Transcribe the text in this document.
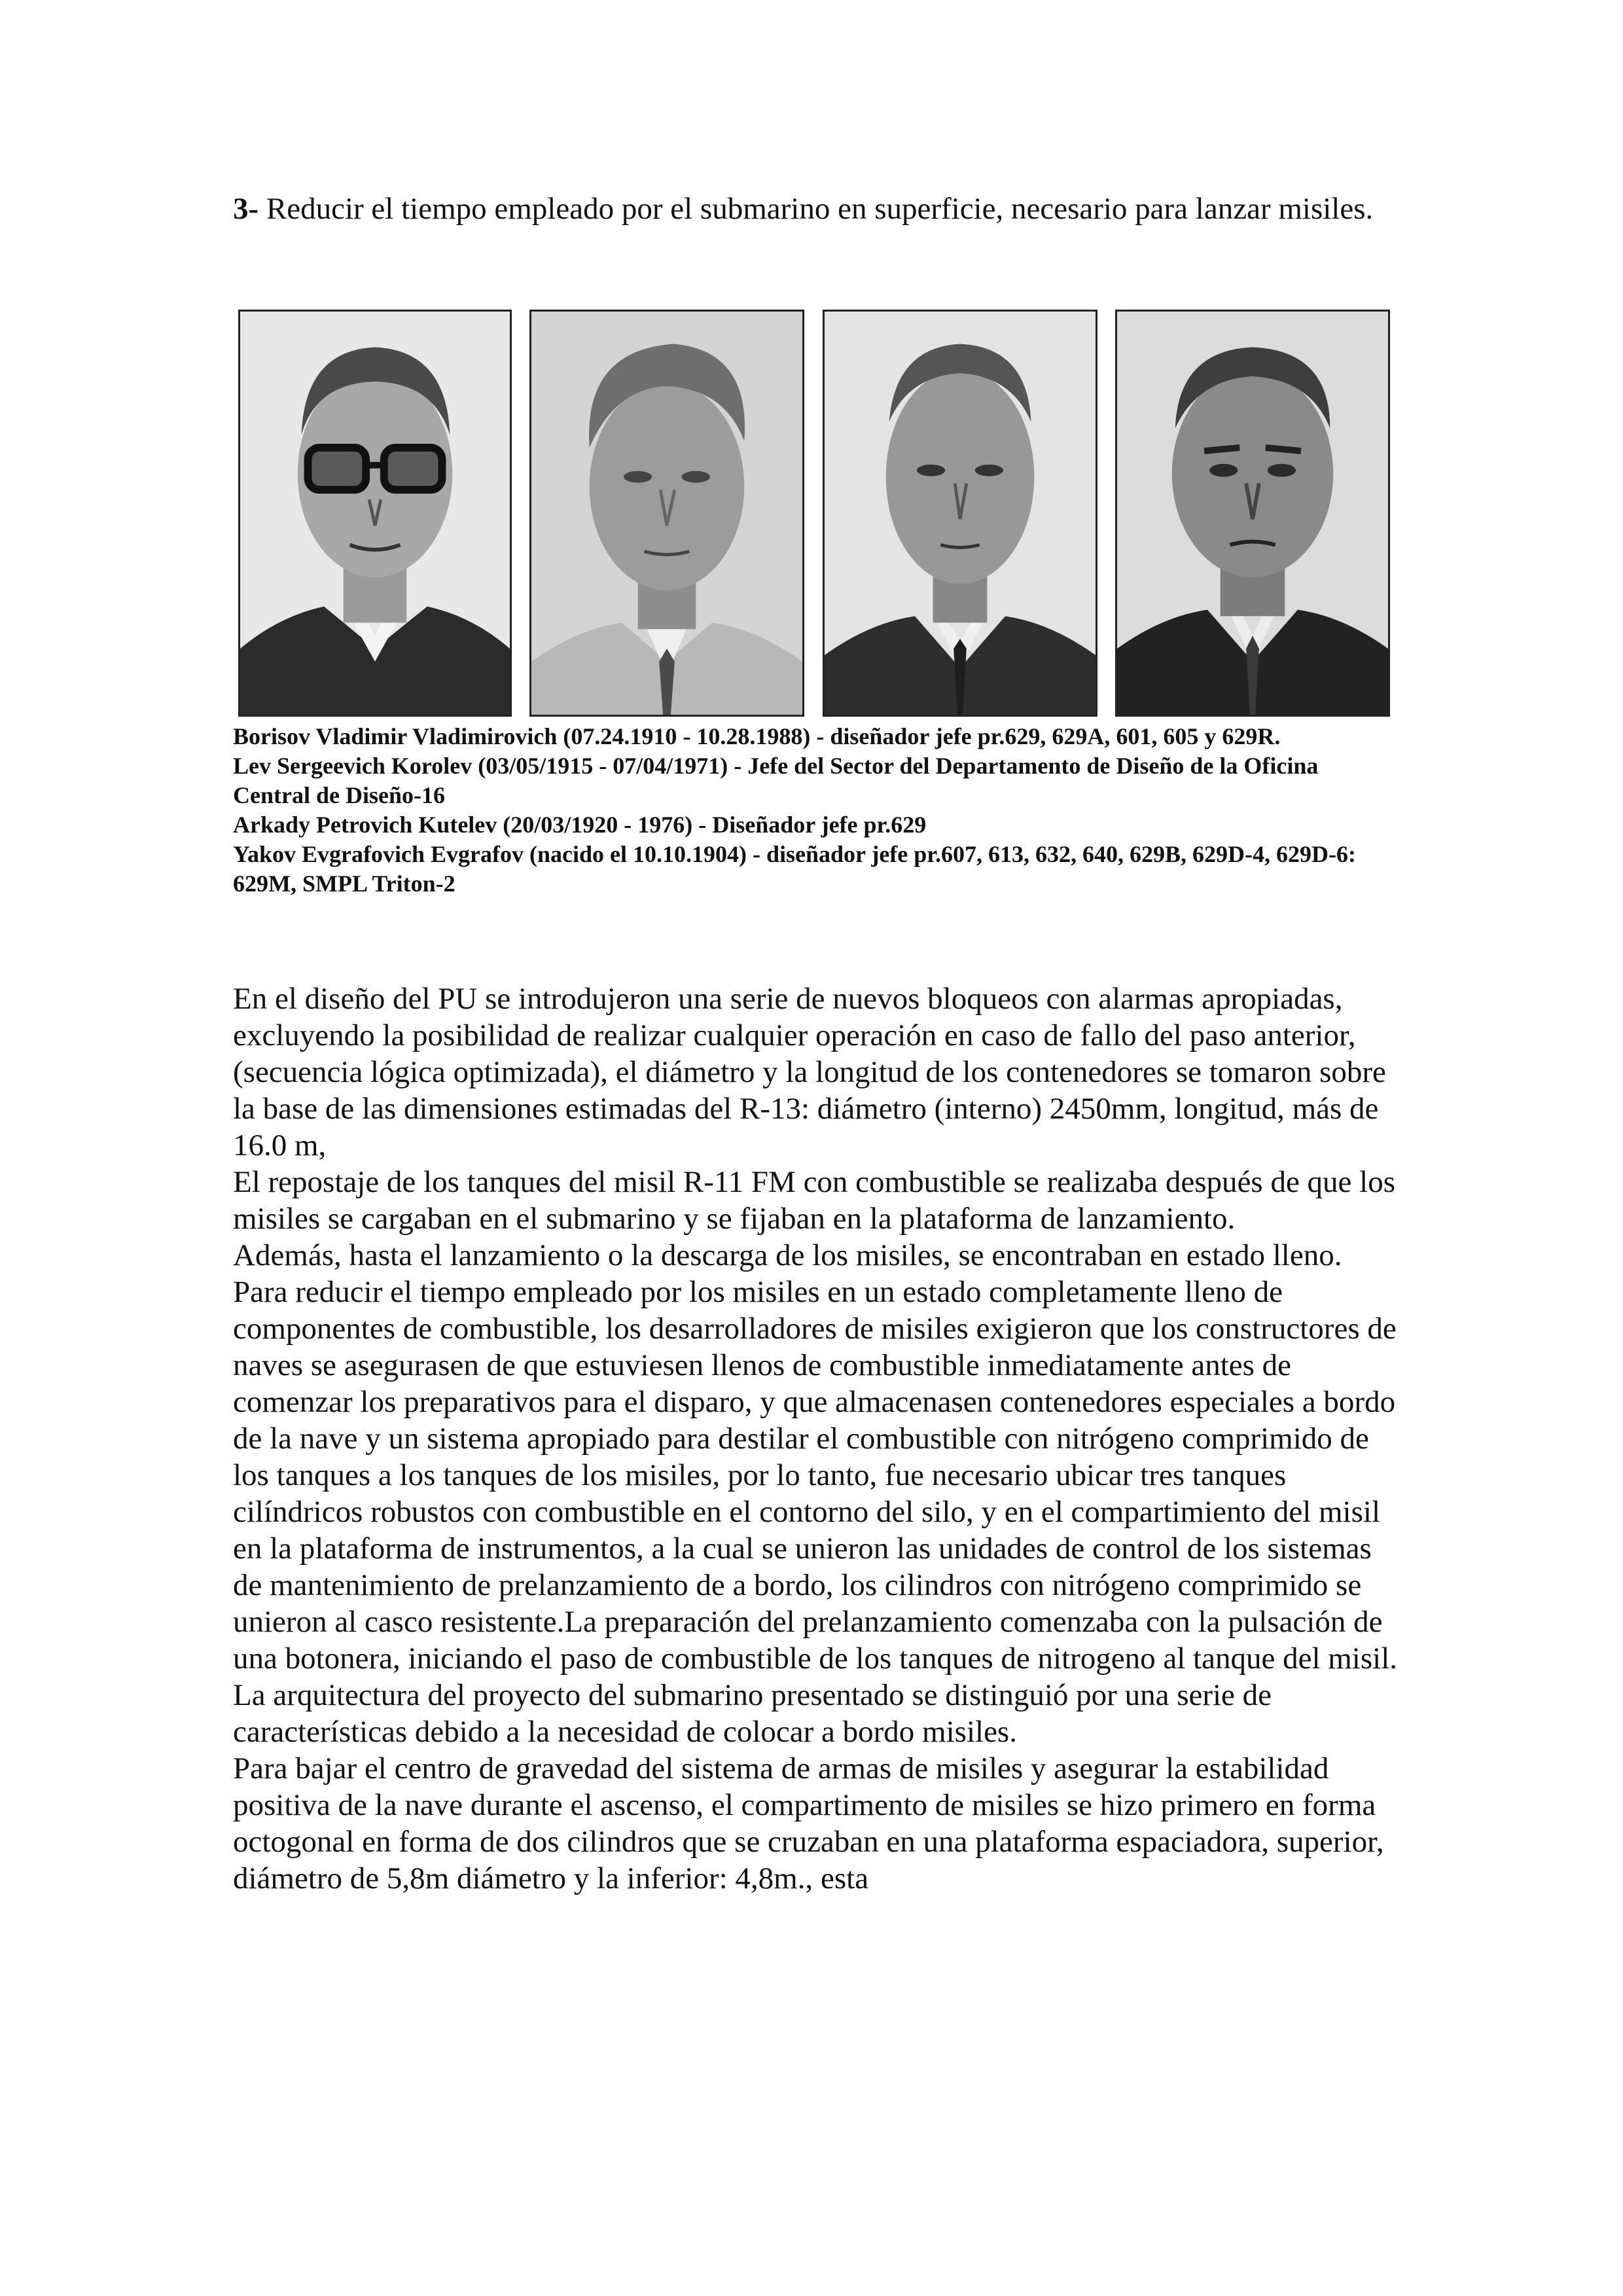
3- Reducir el tiempo empleado por el submarino en superficie, necesario para lanzar misiles.

Borisov Vladimir Vladimirovich (07.24.1910 - 10.28.1988) - diseñador jefe pr.629, 629A, 601, 605 y 629R.

Lev Sergeevich Korolev (03/05/1915 - 07/04/1971) - Jefe del Sector del Departamento de Diseño de la Oficina Central de Diseño-16

Arkady Petrovich Kutelev (20/03/1920 - 1976) - Diseñador jefe pr.629

Yakov Evgrafovich Evgrafov (nacido el 10.10.1904) - diseñador jefe pr.607, 613, 632, 640, 629B, 629D-4, 629D-6: 629M, SMPL Triton-2

En el diseño del PU se introdujeron una serie de nuevos bloqueos con alarmas apropiadas, excluyendo la posibilidad de realizar cualquier operación en caso de fallo del paso anterior, (secuencia lógica optimizada), el diámetro y la longitud de los contenedores se tomaron sobre la base de las dimensiones estimadas del R-13: diámetro (interno) 2450mm, longitud, más de 16.0 m,

El repostaje de los tanques del misil R-11 FM con combustible se realizaba después de que los misiles se cargaban en el submarino y se fijaban en la plataforma de lanzamiento.

Además, hasta el lanzamiento o la descarga de los misiles, se encontraban en estado lleno.

Para reducir el tiempo empleado por los misiles en un estado completamente lleno de componentes de combustible, los desarrolladores de misiles exigieron que los constructores de naves se asegurasen de que estuviesen llenos de combustible inmediatamente antes de comenzar los preparativos para el disparo, y que almacenasen contenedores especiales a bordo de la nave y un sistema apropiado para destilar el combustible con nitrógeno comprimido de los tanques a los tanques de los misiles, por lo tanto, fue necesario ubicar tres tanques cilíndricos robustos con combustible en el contorno del silo, y en el compartimiento del misil en la plataforma de instrumentos, a la cual se unieron las unidades de control de los sistemas de mantenimiento de prelanzamiento de a bordo, los cilindros con nitrógeno comprimido se unieron al casco resistente.La preparación del prelanzamiento comenzaba con la pulsación de una botonera, iniciando el paso de combustible de los tanques de nitrogeno al tanque del misil.

La arquitectura del proyecto del submarino presentado se distinguió por una serie de características debido a la necesidad de colocar a bordo misiles.

Para bajar el centro de gravedad del sistema de armas de misiles y asegurar la estabilidad positiva de la nave durante el ascenso, el compartimento de misiles se hizo primero en forma octogonal en forma de dos cilindros que se cruzaban en una plataforma espaciadora, superior, diámetro de 5,8m diámetro y la inferior: 4,8m., esta
